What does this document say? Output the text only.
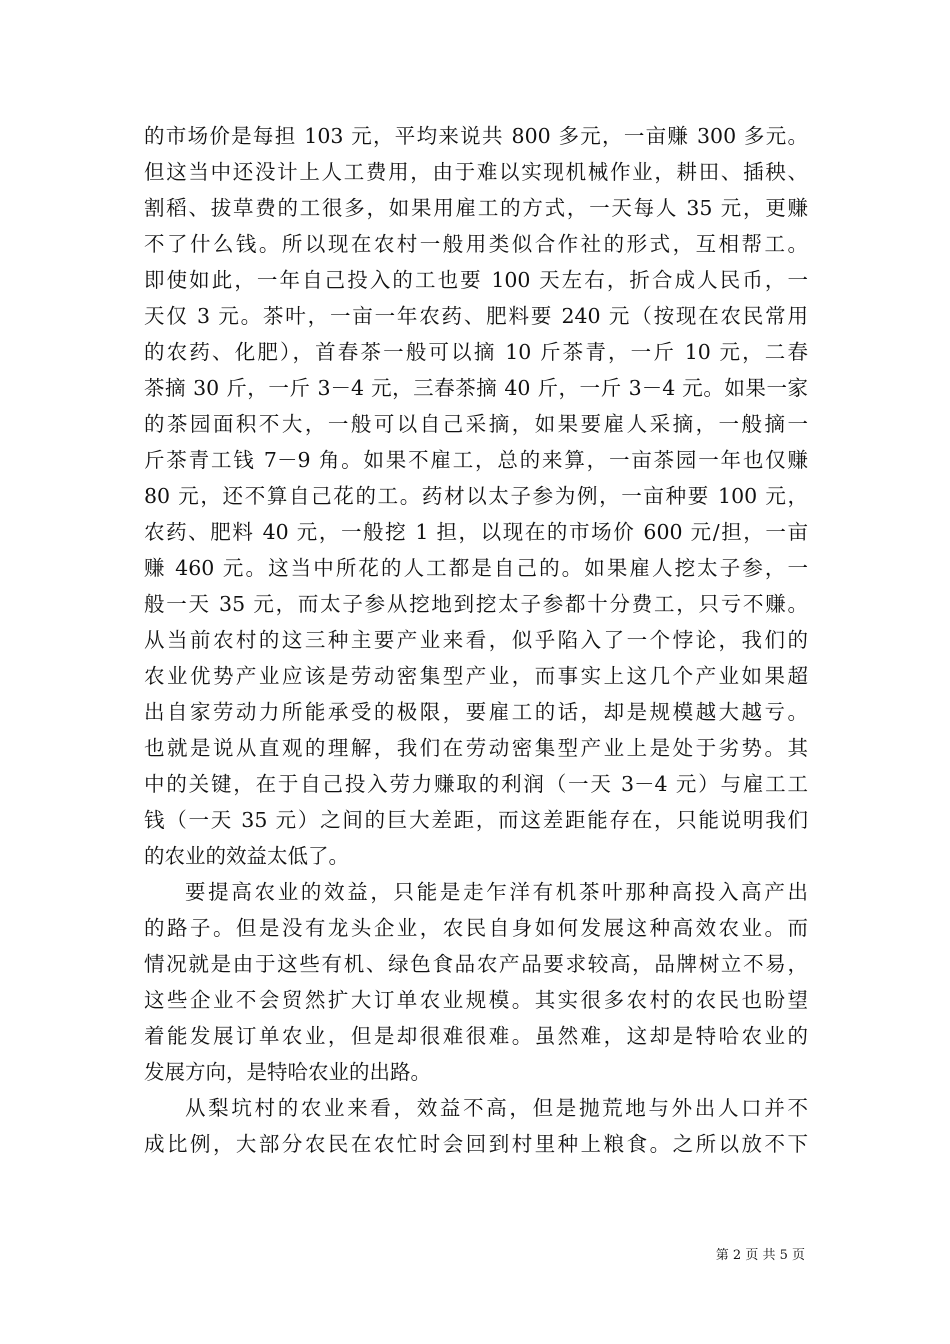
的市场价是每担 103 元，平均来说共 800 多元，一亩赚 300 多元。
但这当中还没计上人工费用，由于难以实现机械作业，耕田、插秧、
割稻、拔草费的工很多，如果用雇工的方式，一天每人 35 元，更赚
不了什么钱。所以现在农村一般用类似合作社的形式，互相帮工。
即使如此，一年自己投入的工也要 100 天左右，折合成人民币，一
天仅 3 元。茶叶，一亩一年农药、肥料要 240 元（按现在农民常用
的农药、化肥），首春茶一般可以摘 10 斤茶青，一斤 10 元，二春
茶摘 30 斤，一斤 3－4 元，三春茶摘 40 斤，一斤 3－4 元。如果一家
的茶园面积不大，一般可以自己采摘，如果要雇人采摘，一般摘一
斤茶青工钱 7－9 角。如果不雇工，总的来算，一亩茶园一年也仅赚
80 元，还不算自己花的工。药材以太子参为例，一亩种要 100 元，
农药、肥料 40 元，一般挖 1 担，以现在的市场价 600 元/担，一亩
赚 460 元。这当中所花的人工都是自己的。如果雇人挖太子参，一
般一天 35 元，而太子参从挖地到挖太子参都十分费工，只亏不赚。
从当前农村的这三种主要产业来看，似乎陷入了一个悖论，我们的
农业优势产业应该是劳动密集型产业，而事实上这几个产业如果超
出自家劳动力所能承受的极限，要雇工的话，却是规模越大越亏。
也就是说从直观的理解，我们在劳动密集型产业上是处于劣势。其
中的关键，在于自己投入劳力赚取的利润（一天 3－4 元）与雇工工
钱（一天 35 元）之间的巨大差距，而这差距能存在，只能说明我们
的农业的效益太低了。
要提高农业的效益，只能是走乍洋有机茶叶那种高投入高产出
的路子。但是没有龙头企业，农民自身如何发展这种高效农业。而
情况就是由于这些有机、绿色食品农产品要求较高，品牌树立不易，
这些企业不会贸然扩大订单农业规模。其实很多农村的农民也盼望
着能发展订单农业，但是却很难很难。虽然难，这却是特哈农业的
发展方向，是特哈农业的出路。
从梨坑村的农业来看，效益不高，但是抛荒地与外出人口并不
成比例，大部分农民在农忙时会回到村里种上粮食。之所以放不下
第 2 页 共 5 页
